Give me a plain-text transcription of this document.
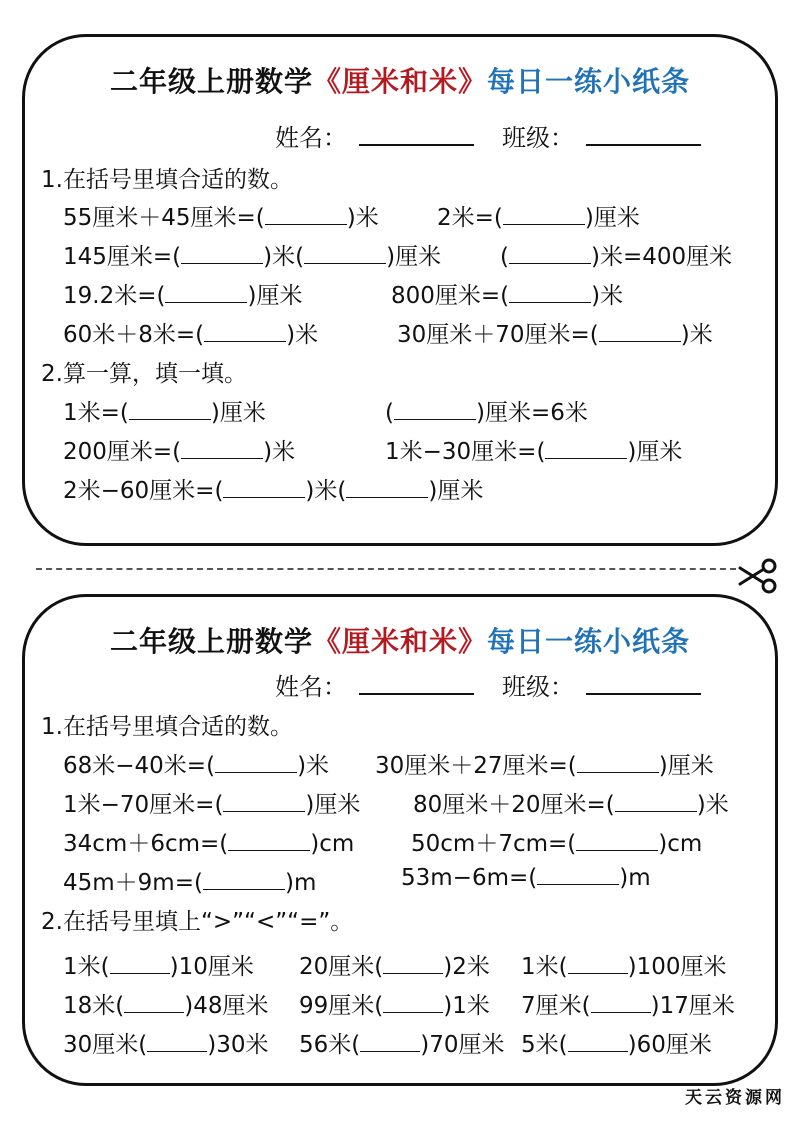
二年级上册数学《厘米和米》每日一练小纸条
姓名：	班级：
1.在括号里填合适的数。
55厘米＋45厘米=(	)米	2米=(	)厘米
145厘米=(	)米(	)厘米	(	)米=400厘米
19.2米=(	)厘米	800厘米=(	)米
60米＋8米=(	)米	30厘米＋70厘米=(	)米
2.算一算，填一填。
1米=(	)厘米	(	)厘米=6米
200厘米=(	)米	1米−30厘米=(	)厘米
2米−60厘米=(	)米(	)厘米
二年级上册数学《厘米和米》每日一练小纸条
姓名：	班级：
1.在括号里填合适的数。
68米−40米=(	)米 30厘米＋27厘米=(	)厘米
1米−70厘米=(	)厘米 80厘米＋20厘米=(	)米
34cm＋6cm=(	)cm 50cm＋7cm=(	)cm
45m＋9m=(	)m	53m−6m=(	)m
2.在括号里填上“>”“<”“=”。
1米(	)10厘米 20厘米(	)2米 1米(	)100厘米
18米(	)48厘米 99厘米(	)1米 7厘米(	)17厘米
30厘米(	)30米 56米(	)70厘米 5米(	)60厘米
天云资源网
